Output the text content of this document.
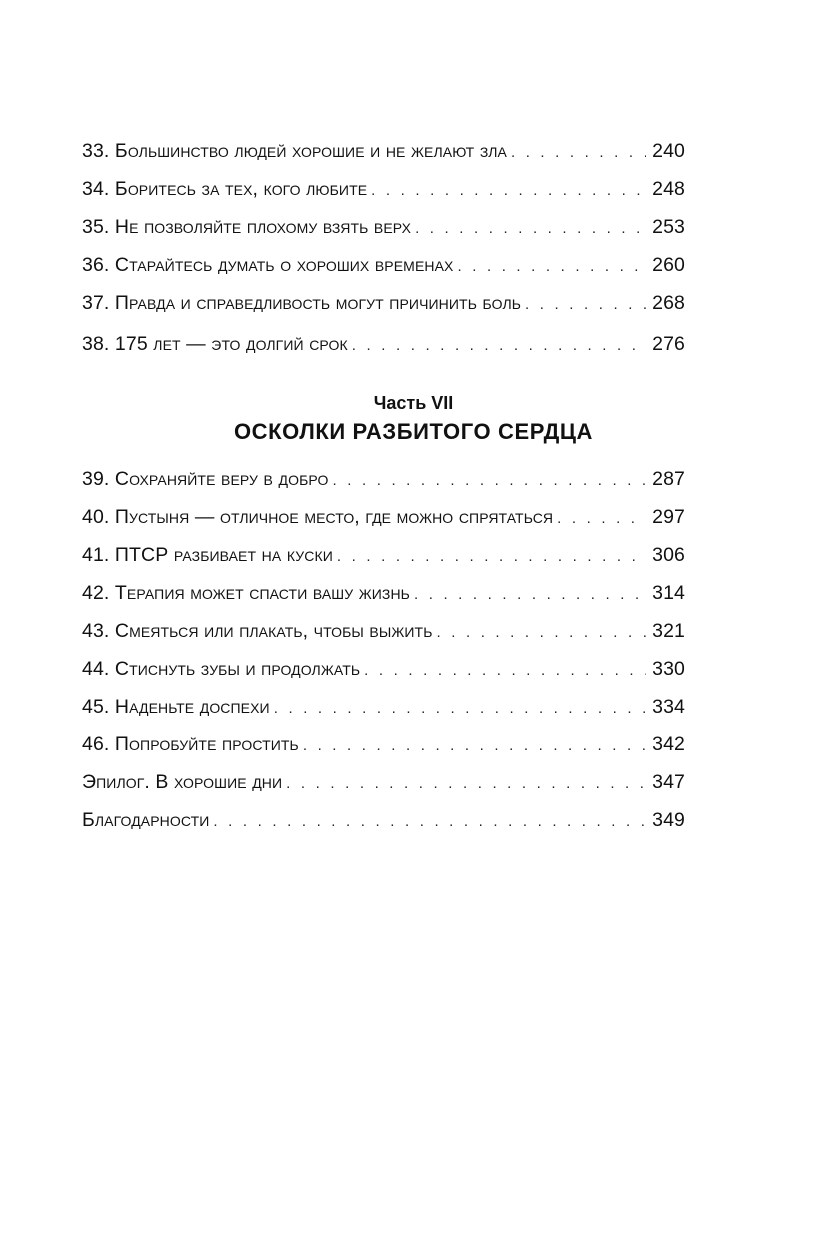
33. Большинство людей хорошие и не желают зла . . .	240
34. Боритесь за тех, кого любите . . .	248
35. Не позволяйте плохому взять верх . . .	253
36. Старайтесь думать о хороших временах . . .	260
37. Правда и справедливость могут причинить боль . . .	268
38. 175 лет — это долгий срок . . .	276
39. Сохраняйте веру в добро . . .	287
40. Пустыня — отличное место, где можно спрятаться . . .	297
41. ПТСР разбивает на куски . . .	306
42. Терапия может спасти вашу жизнь . . .	314
43. Смеяться или плакать, чтобы выжить . . .	321
44. Стиснуть зубы и продолжать . . .	330
45. Наденьте доспехи . . .	334
46. Попробуйте простить . . .	342
Эпилог. В хорошие дни . . .	347
Благодарности . . .	349
Часть VII
ОСКОЛКИ РАЗБИТОГО СЕРДЦА
